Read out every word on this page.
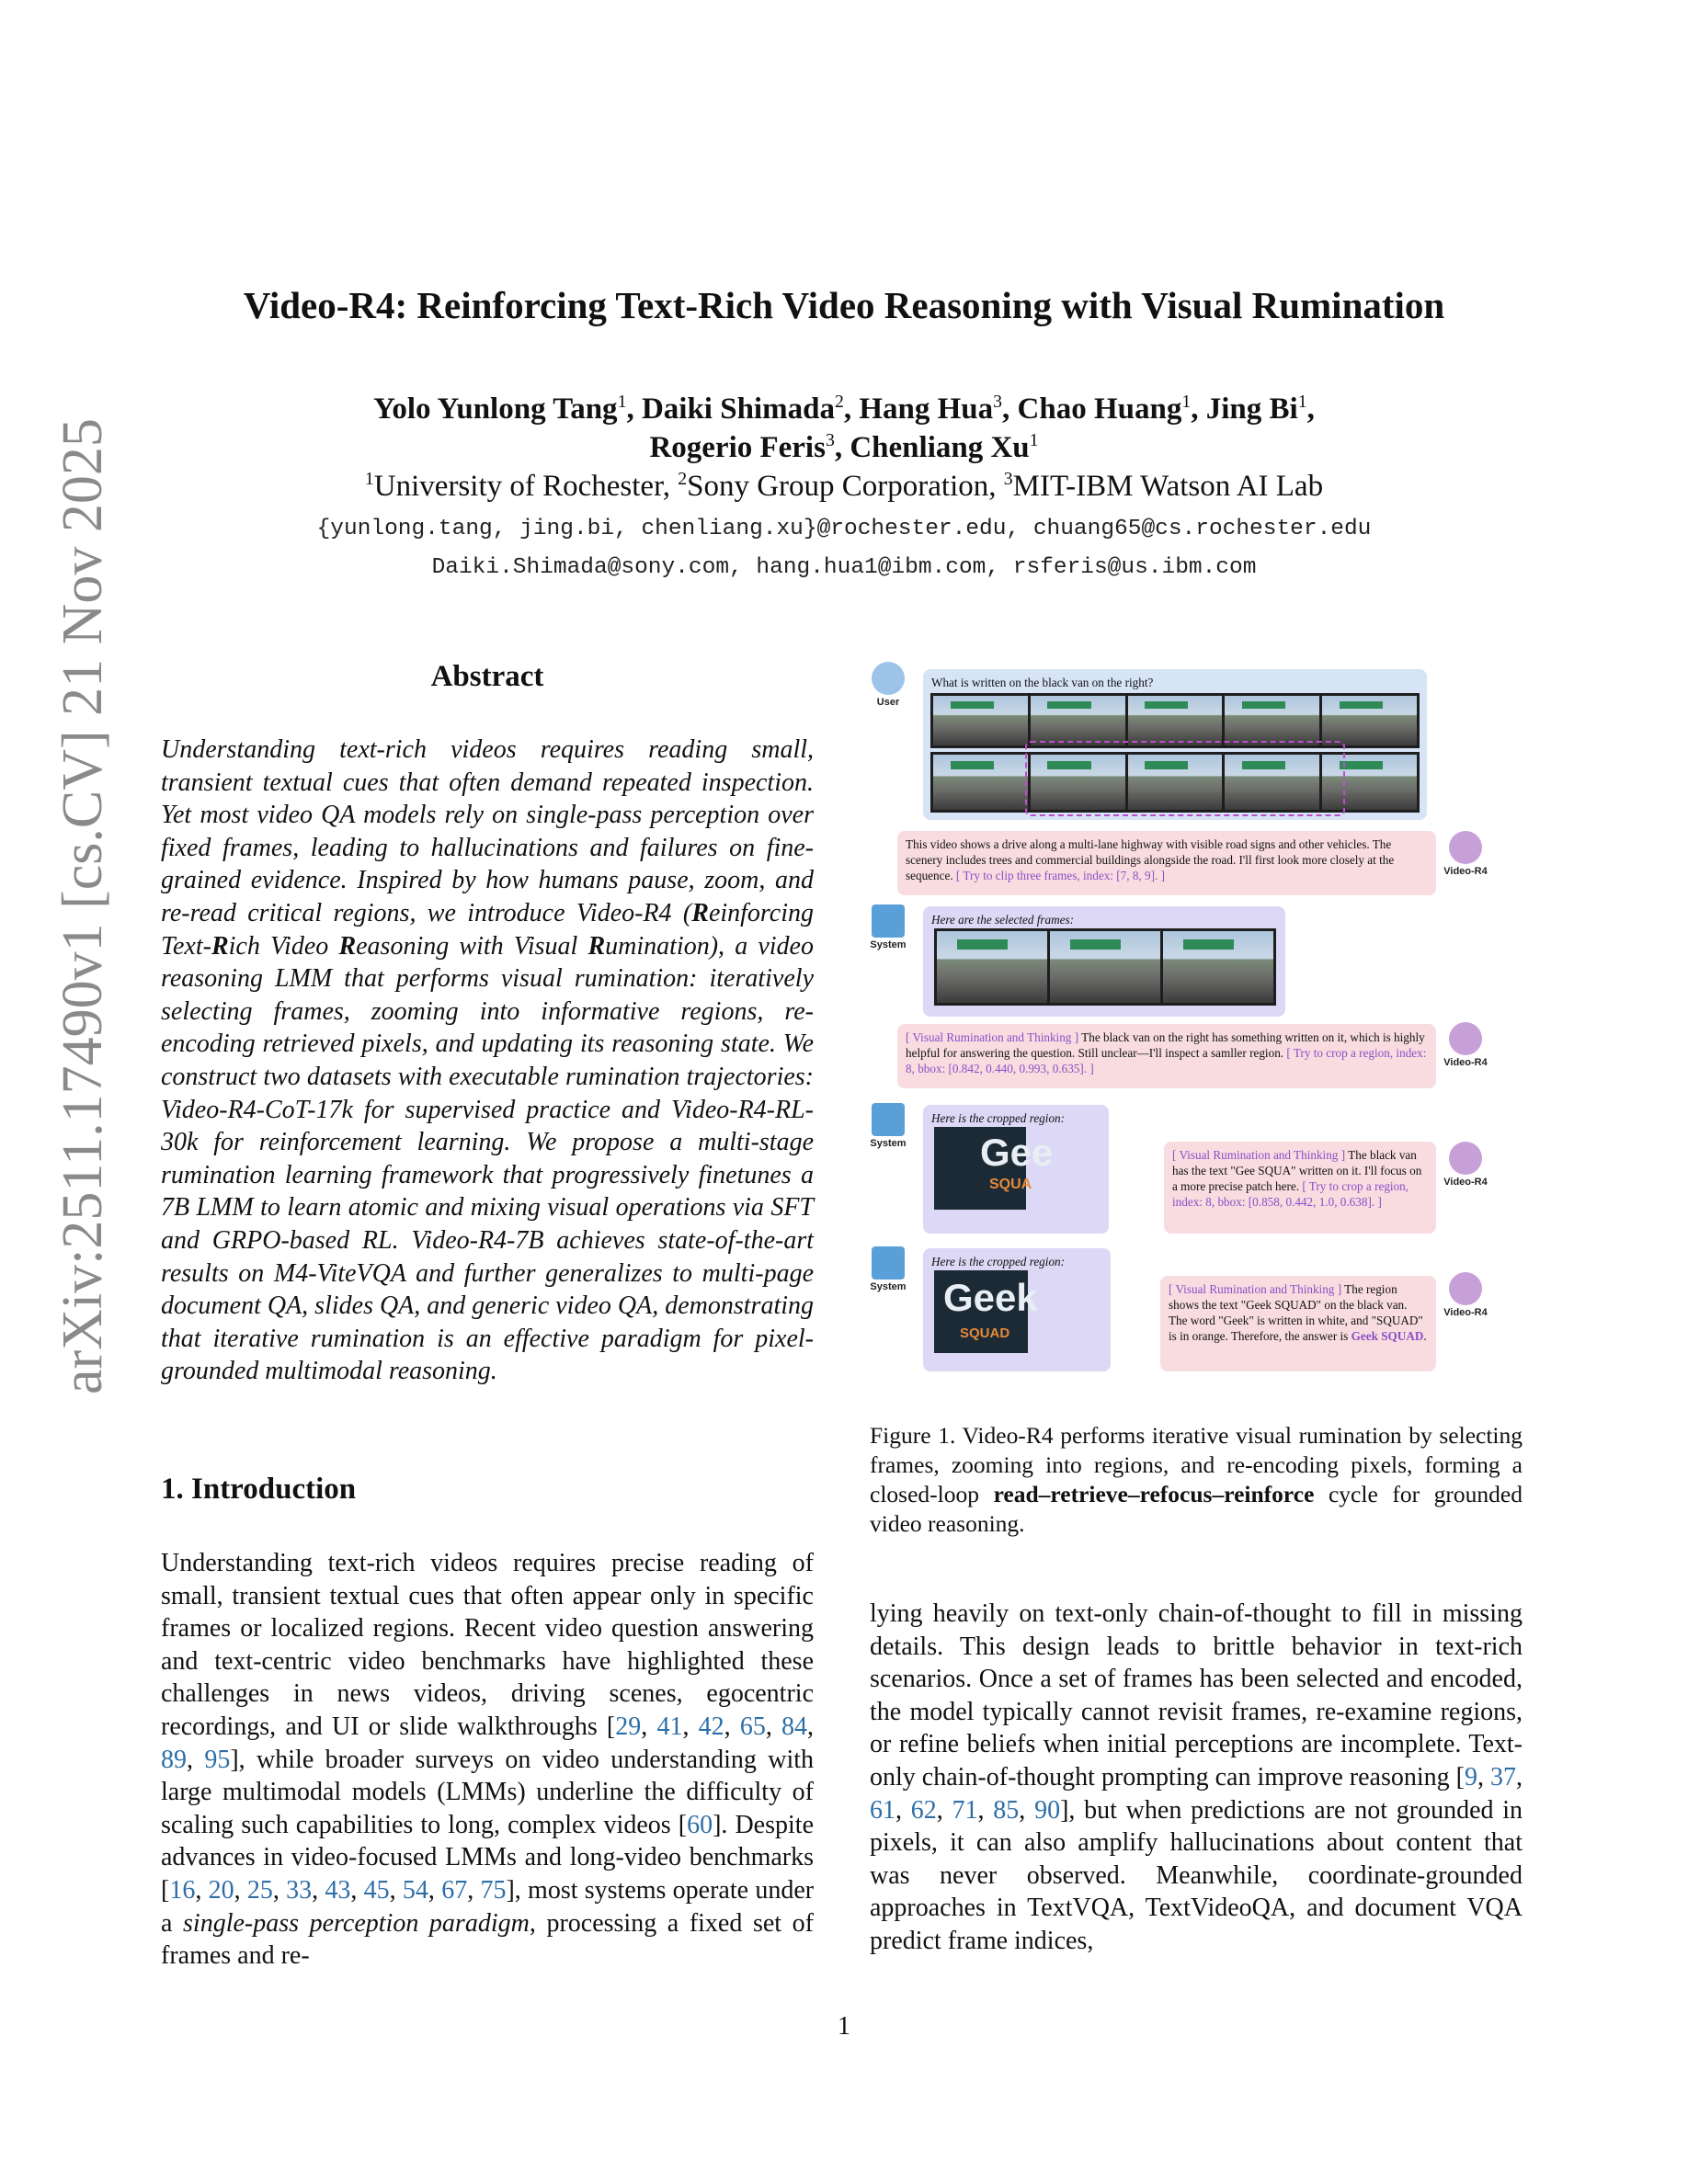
arXiv:2511.17490v1 [cs.CV] 21 Nov 2025
Video-R4: Reinforcing Text-Rich Video Reasoning with Visual Rumination
Yolo Yunlong Tang$^1$, Daiki Shimada$^2$, Hang Hua$^3$, Chao Huang$^1$, Jing Bi$^1$,
Rogerio Feris$^3$, Chenliang Xu$^1$
$^1$University of Rochester, $^2$Sony Group Corporation, $^3$MIT-IBM Watson AI Lab
{yunlong.tang, jing.bi, chenliang.xu}@rochester.edu, chuang65@cs.rochester.edu
Daiki.Shimada@sony.com, hang.hua1@ibm.com, rsferis@us.ibm.com
Abstract
Understanding text-rich videos requires reading small, transient textual cues that often demand repeated inspection. Yet most video QA models rely on single-pass perception over fixed frames, leading to hallucinations and failures on fine-grained evidence. Inspired by how humans pause, zoom, and re-read critical regions, we introduce Video-R4 (Reinforcing Text-Rich Video Reasoning with Visual Rumination), a video reasoning LMM that performs visual rumination: iteratively selecting frames, zooming into informative regions, re-encoding retrieved pixels, and updating its reasoning state. We construct two datasets with executable rumination trajectories: Video-R4-CoT-17k for supervised practice and Video-R4-RL-30k for reinforcement learning. We propose a multi-stage rumination learning framework that progressively finetunes a 7B LMM to learn atomic and mixing visual operations via SFT and GRPO-based RL. Video-R4-7B achieves state-of-the-art results on M4-ViteVQA and further generalizes to multi-page document QA, slides QA, and generic video QA, demonstrating that iterative rumination is an effective paradigm for pixel-grounded multimodal reasoning.
1. Introduction
Understanding text-rich videos requires precise reading of small, transient textual cues that often appear only in specific frames or localized regions. Recent video question answering and text-centric video benchmarks have highlighted these challenges in news videos, driving scenes, egocentric recordings, and UI or slide walkthroughs [29, 41, 42, 65, 84, 89, 95], while broader surveys on video understanding with large multimodal models (LMMs) underline the difficulty of scaling such capabilities to long, complex videos [60]. Despite advances in video-focused LMMs and long-video benchmarks [16, 20, 25, 33, 43, 45, 54, 67, 75], most systems operate under a single-pass perception paradigm, processing a fixed set of frames and re-
lying heavily on text-only chain-of-thought to fill in missing details. This design leads to brittle behavior in text-rich scenarios. Once a set of frames has been selected and encoded, the model typically cannot revisit frames, re-examine regions, or refine beliefs when initial perceptions are incomplete. Text-only chain-of-thought prompting can improve reasoning [9, 37, 61, 62, 71, 85, 90], but when predictions are not grounded in pixels, it can also amplify hallucinations about content that was never observed. Meanwhile, coordinate-grounded approaches in TextVQA, TextVideoQA, and document VQA predict frame indices,
User
What is written on the black van on the right?
This video shows a drive along a multi-lane highway with visible road signs and other vehicles. The scenery includes trees and commercial buildings alongside the road. I'll first look more closely at the sequence. [ Try to clip three frames, index: [7, 8, 9]. ]	Video-R4
System
Here are the selected frames:
[ Visual Rumination and Thinking ] The black van on the right has something written on it, which is highly helpful for answering the question. Still unclear—I'll inspect a samller region. [ Try to crop a region, index: 8, bbox: [0.842, 0.440, 0.993, 0.635]. ]	Video-R4
System
Here is the cropped region:
Gee
SQUA
[ Visual Rumination and Thinking ] The black van has the text "Gee SQUA" written on it. I'll focus on a more precise patch here. [ Try to crop a region, index: 8, bbox: [0.858, 0.442, 1.0, 0.638]. ]
Video-R4
System
Here is the cropped region:
Geek
SQUAD
[ Visual Rumination and Thinking ] The region shows the text "Geek SQUAD" on the black van. The word "Geek" is written in white, and "SQUAD" is in orange. Therefore, the answer is Geek SQUAD.
Video-R4
Figure 1. Video-R4 performs iterative visual rumination by selecting frames, zooming into regions, and re-encoding pixels, forming a closed-loop read–retrieve–refocus–reinforce cycle for grounded video reasoning.
1
